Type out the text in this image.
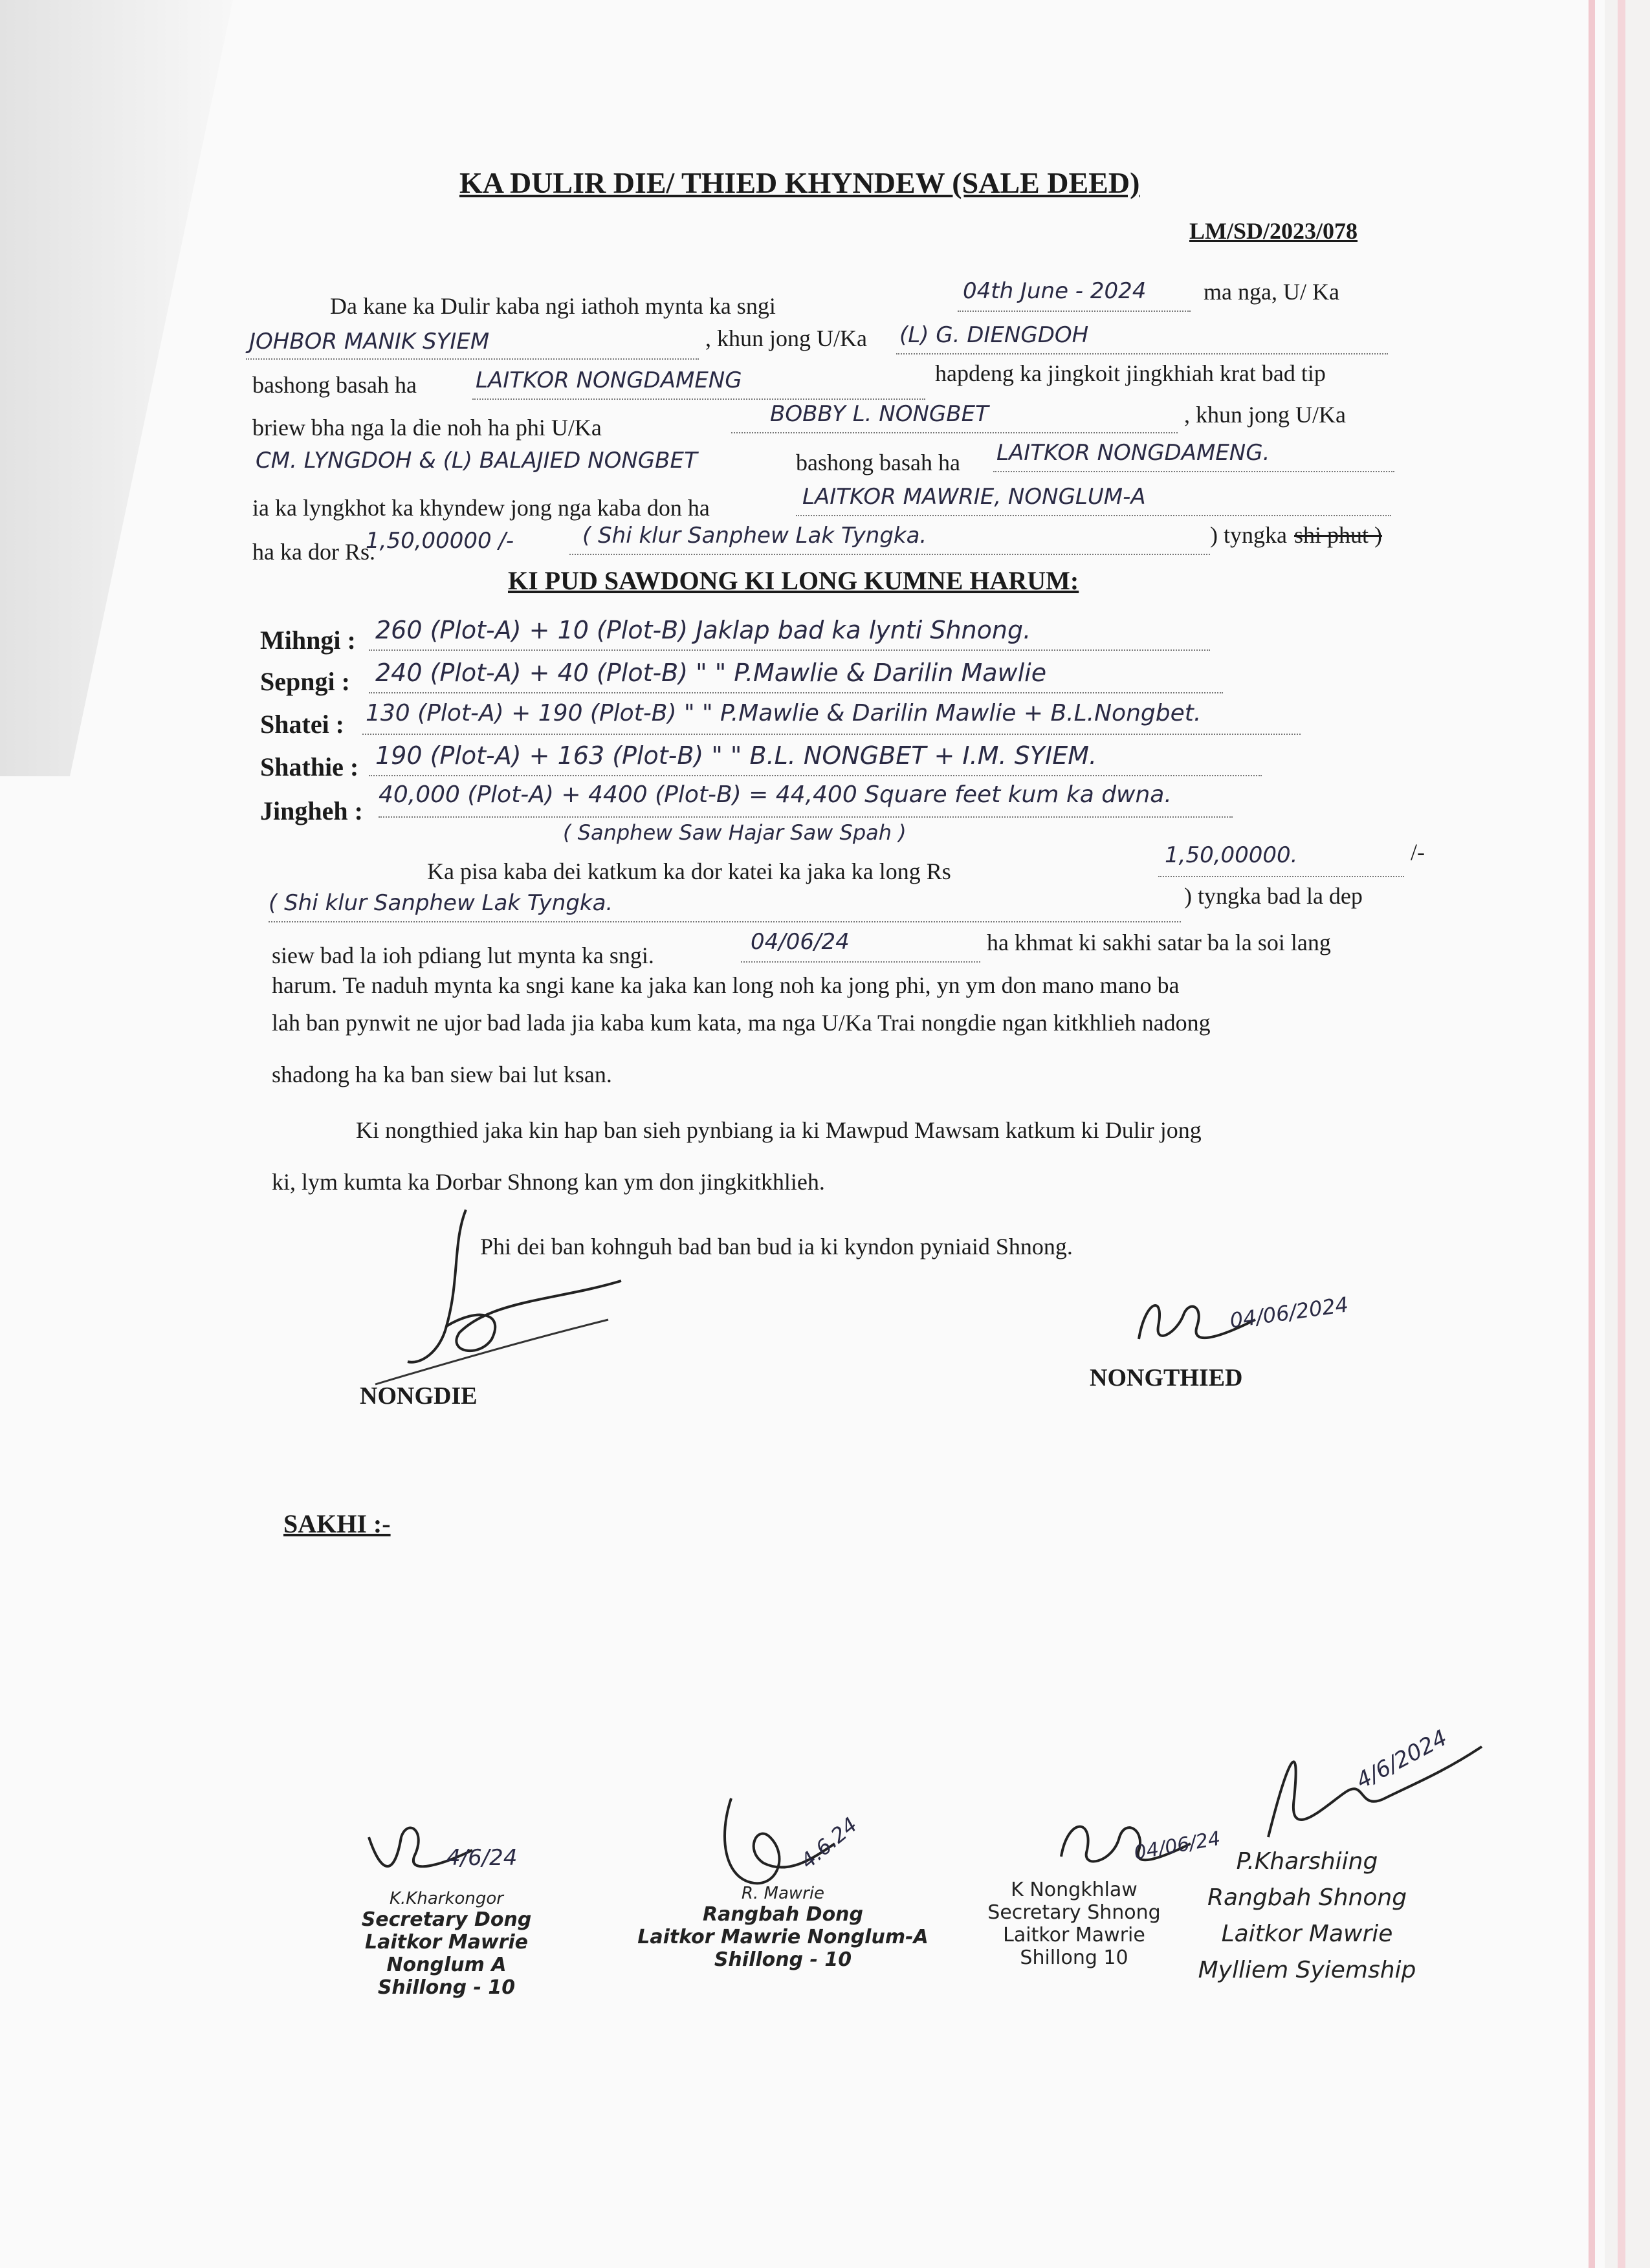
KA DULIR DIE/ THIED KHYNDEW (SALE DEED)
LM/SD/2023/078
Da kane ka Dulir kaba ngi iathoh mynta ka sngi
04th June - 2024 ma nga, U/ Ka
JOHBOR MANIK SYIEM	, khun jong U/Ka (L) G. DIENGDOH
bashong basah ha	LAITKOR NONGDAMENG	hapdeng ka jingkoit jingkhiah krat bad tip
briew bha nga la die noh ha phi U/Ka
BOBBY L. NONGBET	, khun jong U/Ka
CM. LYNGDOH & (L) BALAJIED NONGBET	bashong basah ha LAITKOR NONGDAMENG.
ia ka lyngkhot ka khyndew jong nga kaba don ha	LAITKOR MAWRIE, NONGLUM-A
ha ka dor Rs.
1,50,00000 /-	( Shi klur Sanphew Lak Tyngka.	) tyngka shi phut )
KI PUD SAWDONG KI LONG KUMNE HARUM:
Mihngi : 260 (Plot-A) + 10 (Plot-B) Jaklap bad ka lynti Shnong.
Sepngi : 240 (Plot-A) + 40 (Plot-B) " " P.Mawlie & Darilin Mawlie
Shatei : 130 (Plot-A) + 190 (Plot-B) " " P.Mawlie & Darilin Mawlie + B.L.Nongbet.
Shathie : 190 (Plot-A) + 163 (Plot-B) " " B.L. NONGBET + I.M. SYIEM.
Jingheh :
40,000 (Plot-A) + 4400 (Plot-B) = 44,400 Square feet kum ka dwna.
( Sanphew Saw Hajar Saw Spah )
Ka pisa kaba dei katkum ka dor katei ka jaka ka long Rs
1,50,00000.	/-
( Shi klur Sanphew Lak Tyngka.	) tyngka bad la dep
siew bad la ioh pdiang lut mynta ka sngi.
04/06/24	ha khmat ki sakhi satar ba la soi lang
harum. Te naduh mynta ka sngi kane ka jaka kan long noh ka jong phi, yn ym don mano mano ba
lah ban pynwit ne ujor bad lada jia kaba kum kata, ma nga U/Ka Trai nongdie ngan kitkhlieh nadong
shadong ha ka ban siew bai lut ksan.
Ki nongthied jaka kin hap ban sieh pynbiang ia ki Mawpud Mawsam katkum ki Dulir jong
ki, lym kumta ka Dorbar Shnong kan ym don jingkitkhlieh.
Phi dei ban kohnguh bad ban bud ia ki kyndon pyniaid Shnong.
NONGDIE
04/06/2024
NONGTHIED
SAKHI :-
4/6/24
K.Kharkongor
Secretary Dong
Laitkor Mawrie Nonglum A
Shillong - 10
4.6.24
R. Mawrie
Rangbah Dong
Laitkor Mawrie Nonglum-A
Shillong - 10
04/06/24
K Nongkhlaw
Secretary Shnong
Laitkor Mawrie
Shillong 10
4/6/2024
P.Kharshiing
Rangbah Shnong
Laitkor Mawrie
Mylliem Syiemship
